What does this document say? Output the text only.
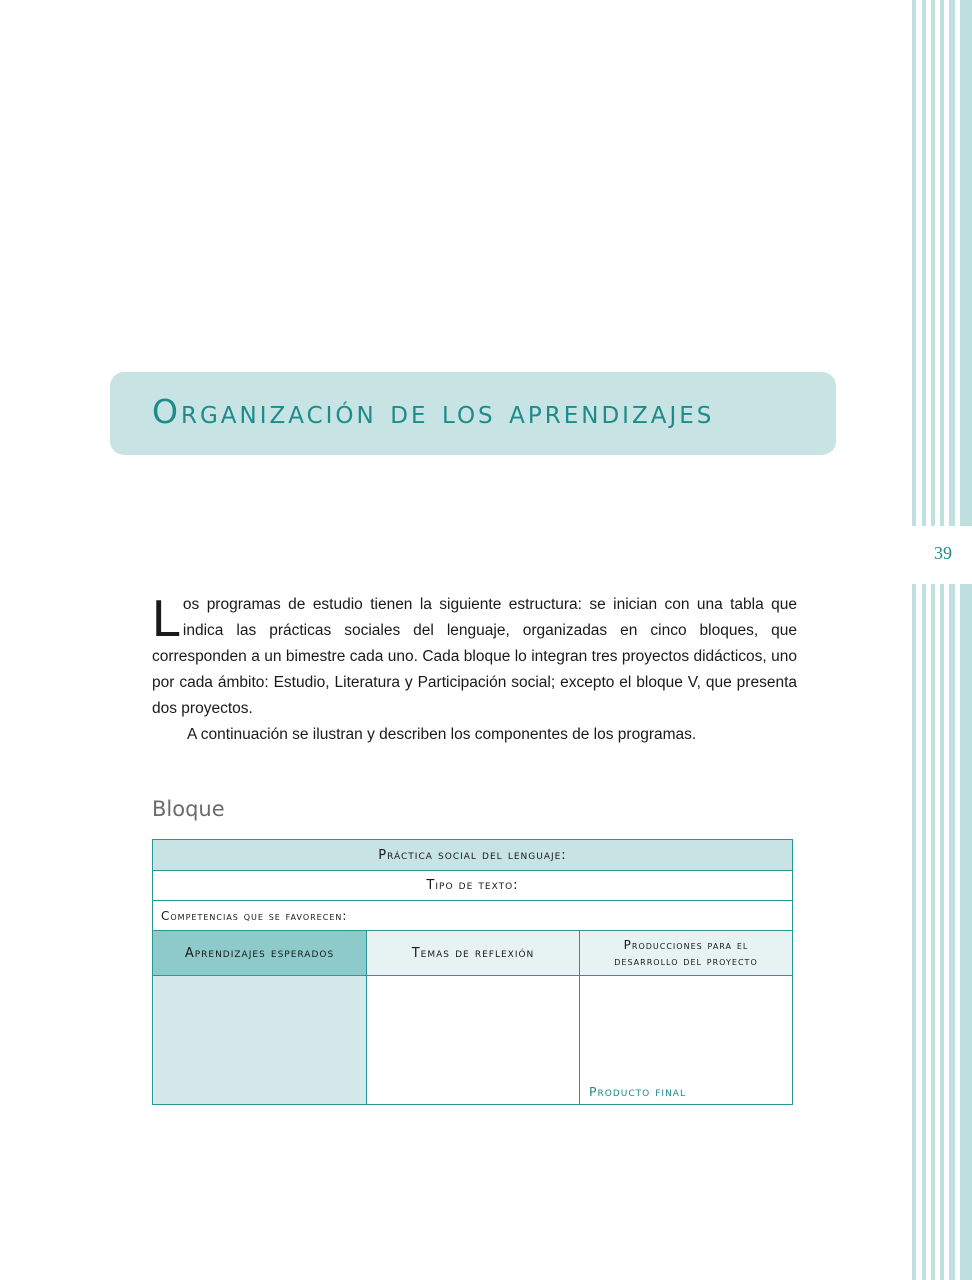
39
Organización de los aprendizajes

Los programas de estudio tienen la siguiente estructura: se inician con una tabla que indica las prácticas sociales del lenguaje, organizadas en cinco bloques, que corresponden a un bimestre cada uno. Cada bloque lo integran tres proyectos didácticos, uno por cada ámbito: Estudio, Literatura y Participación social; excepto el bloque V, que presenta dos proyectos.

A continuación se ilustran y describen los componentes de los programas.

Bloque
Práctica social del lenguaje:
Tipo de texto:
Competencias que se favorecen:
Aprendizajes esperados	Temas de reflexión
Producciones para el desarrollo del proyecto
Producto final
